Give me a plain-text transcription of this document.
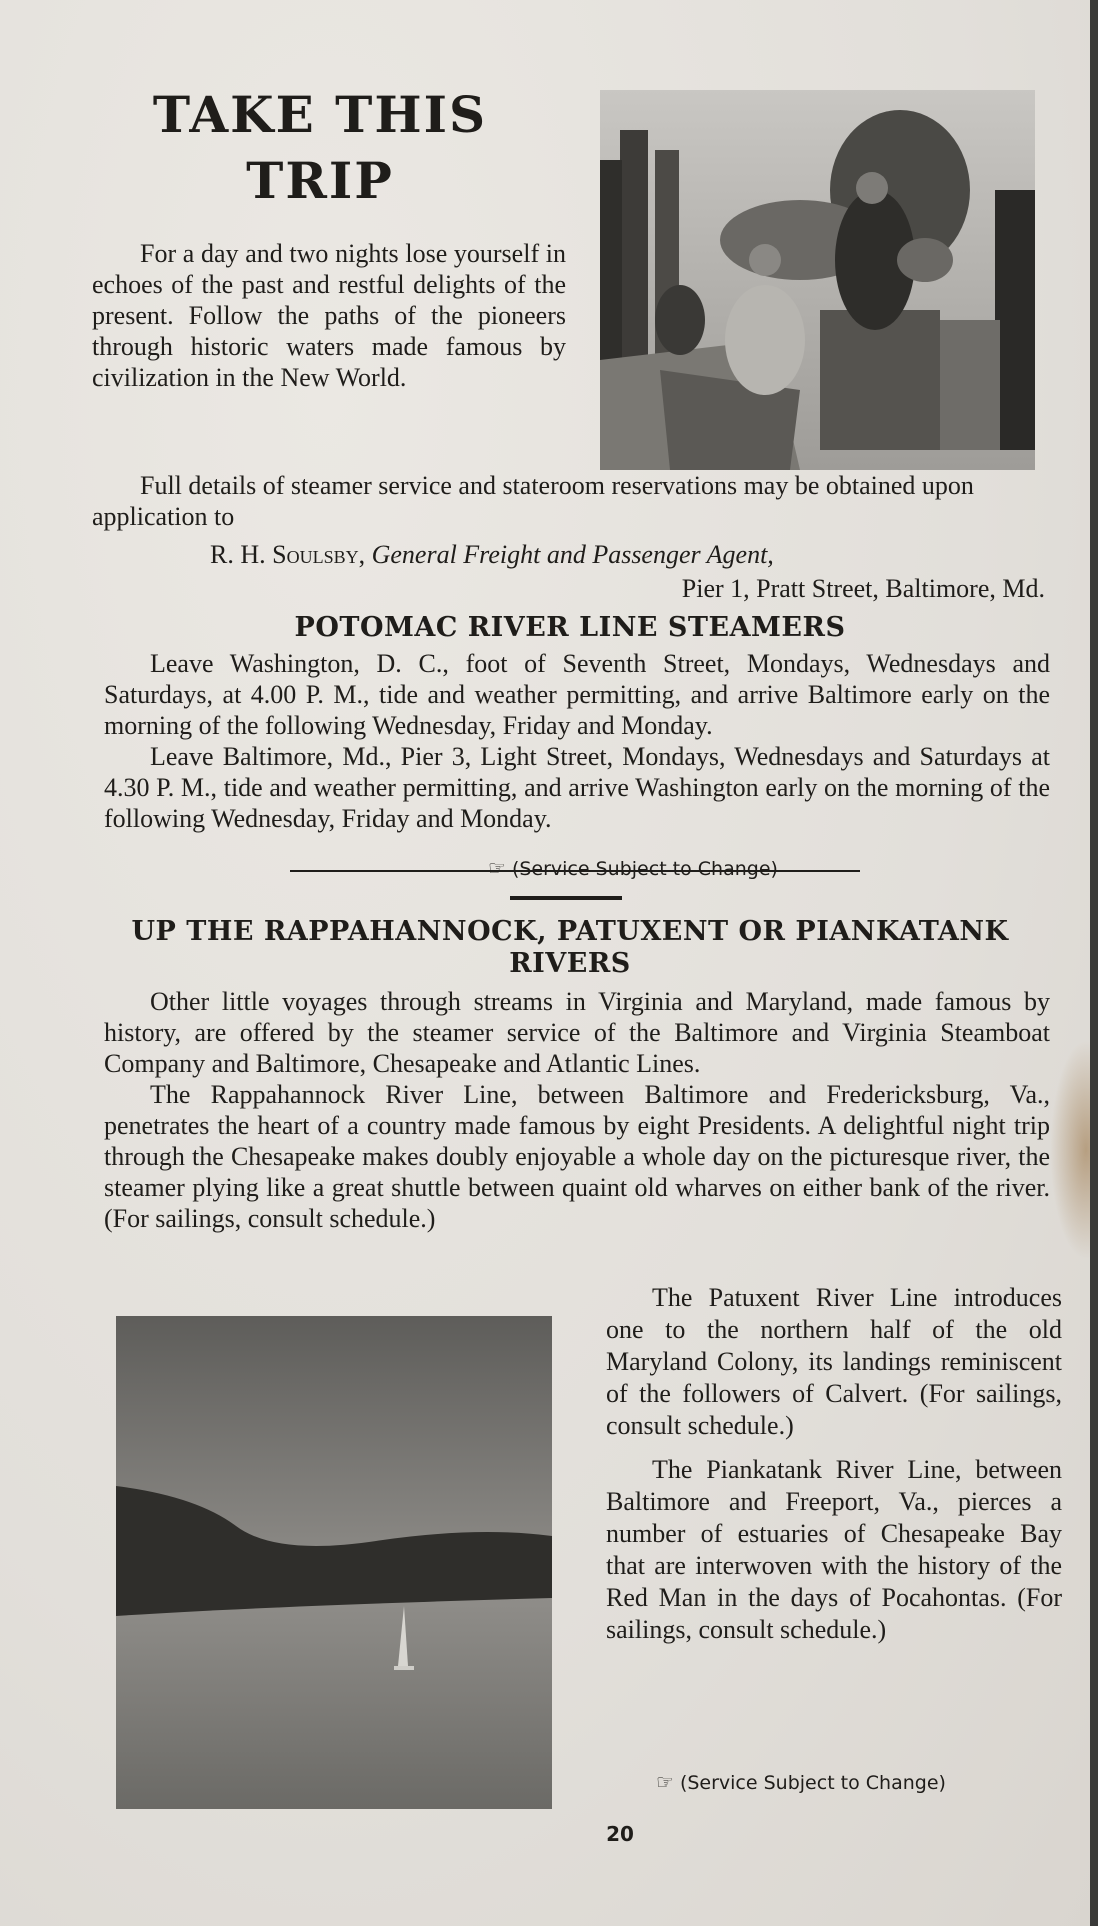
TAKE THIS
TRIP

For a day and two nights lose yourself in echoes of the past and restful delights of the present. Follow the paths of the pioneers through historic waters made famous by civilization in the New World.

Full details of steamer service and stateroom reservations may be obtained upon application to

R. H. Soulsby, General Freight and Passenger Agent,
Pier 1, Pratt Street, Baltimore, Md.
POTOMAC RIVER LINE STEAMERS

Leave Washington, D. C., foot of Seventh Street, Mondays, Wednesdays and Saturdays, at 4.00 P. M., tide and weather permitting, and arrive Baltimore early on the morning of the following Wednesday, Friday and Monday.

Leave Baltimore, Md., Pier 3, Light Street, Mondays, Wednesdays and Saturdays at 4.30 P. M., tide and weather permitting, and arrive Washington early on the morning of the following Wednesday, Friday and Monday.

☞ (Service Subject to Change)
UP THE RAPPAHANNOCK, PATUXENT OR PIANKATANK
RIVERS

Other little voyages through streams in Virginia and Maryland, made famous by history, are offered by the steamer service of the Baltimore and Virginia Steamboat Company and Baltimore, Chesapeake and Atlantic Lines.

The Rappahannock River Line, between Baltimore and Fredericksburg, Va., penetrates the heart of a country made famous by eight Presidents. A delightful night trip through the Chesapeake makes doubly enjoyable a whole day on the picturesque river, the steamer plying like a great shuttle between quaint old wharves on either bank of the river. (For sailings, consult schedule.)

The Patuxent River Line introduces one to the northern half of the old Maryland Colony, its landings reminiscent of the followers of Calvert. (For sailings, consult schedule.)

The Piankatank River Line, between Baltimore and Freeport, Va., pierces a number of estuaries of Chesapeake Bay that are interwoven with the history of the Red Man in the days of Pocahontas. (For sailings, consult schedule.)

☞ (Service Subject to Change)
20
